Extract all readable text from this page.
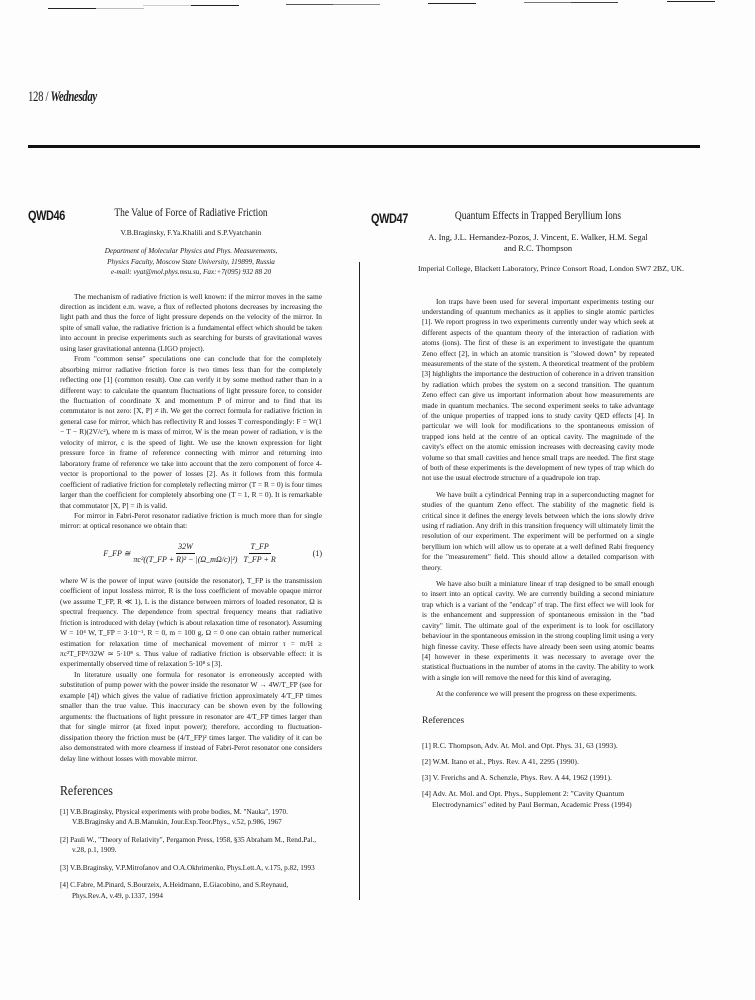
128 / Wednesday
QWD46	The Value of Force of Radiative Friction
V.B.Braginsky, F.Ya.Khalili and S.P.Vyatchanin
Department of Molecular Physics and Phys. Measurements,
Physics Faculty, Moscow State University, 119899, Russia
e-mail: vyat@mol.phys.msu.su, Fax:+7(095) 932 88 20

The mechanism of radiative friction is well known: if the mirror moves in the same direction as incident e.m. wave, a flux of reflected photons decreases by increasing the light path and thus the force of light pressure depends on the velocity of the mirror. In spite of small value, the radiative friction is a fundamental effect which should be taken into account in precise experiments such as searching for bursts of gravitational waves using laser gravitational antenna (LIGO project).

From "common sense" speculations one can conclude that for the completely absorbing mirror radiative friction force is two times less than for the completely reflecting one [1] (common result). One can verify it by some method rather than in a different way: to calculate the quantum fluctuations of light pressure force, to consider the fluctuation of coordinate X and momentum P of mirror and to find that its commutator is not zero: [X, P] ≠ iħ. We get the correct formula for radiative friction in general case for mirror, which has reflectivity R and losses T correspondingly: F = W(1 − T − R)(2V/c²), where m is mass of mirror, W is the mean power of radiation, v is the velocity of mirror, c is the speed of light. We use the known expression for light pressure force in frame of reference connecting with mirror and returning into laboratory frame of reference we take into account that the zero component of force 4-vector is proportional to the power of losses [2]. As it follows from this formula coefficient of radiative friction for completely reflecting mirror (T = R = 0) is four times larger than the coefficient for completely absorbing one (T = 1, R = 0). It is remarkable that commutator [X, P] = iħ is valid.

For mirror in Fabri-Perot resonator radiative friction is much more than for single mirror: at optical resonance we obtain that:

F_FP ≅ $\frac{32W}{\text{πc²((T\_FP + R)² − |(Ω\_mΩ/c)|²)}} \frac{T\_FP}{T\_FP + R}$	(1)

where W is the power of input wave (outside the resonator), T_FP is the transmission coefficient of input lossless mirror, R is the loss coefficient of movable opaque mirror (we assume T_FP, R ≪ 1), L is the distance between mirrors of loaded resonator, Ω is spectral frequency. The dependence from spectral frequency means that radiative friction is introduced with delay (which is about relaxation time of resonator). Assuming W = 10⁴ W, T_FP = 3·10⁻¹, R = 0, m = 100 g, Ω = 0 one can obtain rather numerical estimation for relaxation time of mechanical movement of mirror τ = m/H ≥ πc²T_FP²/32W ≃ 5·10⁸ s. Thus value of radiative friction is observable effect: it is experimentally observed time of relaxation 5·10⁸ s [3].

In literature usually one formula for resonator is erroneously accepted with substitution of pump power with the power inside the resonator W → 4W/T_FP (see for example [4]) which gives the value of radiative friction approximately 4/T_FP times smaller than the true value. This inaccuracy can be shown even by the following arguments: the fluctuations of light pressure in resonator are 4/T_FP times larger than that for single mirror (at fixed input power); therefore, according to fluctuation-dissipation theory the friction must be (4/T_FP)² times larger. The validity of it can be also demonstrated with more clearness if instead of Fabri-Perot resonator one considers delay line without losses with movable mirror.

References
[1] V.B.Braginsky, Physical experiments with probe bodies, M. "Nauka", 1970. V.B.Braginsky and A.B.Manukin, Jour.Exp.Teor.Phys., v.52, p.986, 1967
[2] Pauli W., "Theory of Relativity", Pergamon Press, 1958, §35 Abraham M., Rend.Pal., v.28, p.1, 1909.
[3] V.B.Braginsky, V.P.Mitrofanov and O.A.Okhrimenko, Phys.Lett.A, v.175, p.82, 1993
[4] C.Fabre, M.Pinard, S.Bourzeix, A.Heidmann, E.Giacobino, and S.Reynaud, Phys.Rev.A, v.49, p.1337, 1994
QWD47	Quantum Effects in Trapped Beryllium Ions
A. Ing, J.L. Hernandez-Pozos, J. Vincent, E. Walker, H.M. Segal and R.C. Thompson
Imperial College, Blackett Laboratory, Prince Consort Road, London SW7 2BZ, UK.

Ion traps have been used for several important experiments testing our understanding of quantum mechanics as it applies to single atomic particles [1]. We report progress in two experiments currently under way which seek at different aspects of the quantum theory of the interaction of radiation with atoms (ions). The first of these is an experiment to investigate the quantum Zeno effect [2], in which an atomic transition is "slowed down" by repeated measurements of the state of the system. A theoretical treatment of the problem [3] highlights the importance the destruction of coherence in a driven transition by radiation which probes the system on a second transition. The quantum Zeno effect can give us important information about how measurements are made in quantum mechanics. The second experiment seeks to take advantage of the unique properties of trapped ions to study cavity QED effects [4]. In particular we will look for modifications to the spontaneous emission of trapped ions held at the centre of an optical cavity. The magnitude of the cavity's effect on the atomic emission increases with decreasing cavity mode volume so that small cavities and hence small traps are needed. The first stage of both of these experiments is the development of new types of trap which do not use the usual electrode structure of a quadrupole ion trap.

We have built a cylindrical Penning trap in a superconducting magnet for studies of the quantum Zeno effect. The stability of the magnetic field is critical since it defines the energy levels between which the ions slowly drive using rf radiation. Any drift in this transition frequency will ultimately limit the resolution of our experiment. The experiment will be performed on a single beryllium ion which will allow us to operate at a well defined Rabi frequency for the "measurement" field. This should allow a detailed comparison with theory.

We have also built a miniature linear rf trap designed to be small enough to insert into an optical cavity. We are currently building a second miniature trap which is a variant of the "endcap" rf trap. The first effect we will look for is the enhancement and suppression of spontaneous emission in the "bad cavity" limit. The ultimate goal of the experiment is to look for oscillatory behaviour in the spontaneous emission in the strong coupling limit using a very high finesse cavity. These effects have already been seen using atomic beams [4] however in these experiments it was necessary to average over the statistical fluctuations in the number of atoms in the cavity. The ability to work with a single ion will remove the need for this kind of averaging.

At the conference we will present the progress on these experiments.

References
[1] R.C. Thompson, Adv. At. Mol. and Opt. Phys. 31, 63 (1993).
[2] W.M. Itano et al., Phys. Rev. A 41, 2295 (1990).
[3] V. Frerichs and A. Schenzle, Phys. Rev. A 44, 1962 (1991).
[4] Adv. At. Mol. and Opt. Phys., Supplement 2: "Cavity Quantum Electrodynamics" edited by Paul Berman, Academic Press (1994)
